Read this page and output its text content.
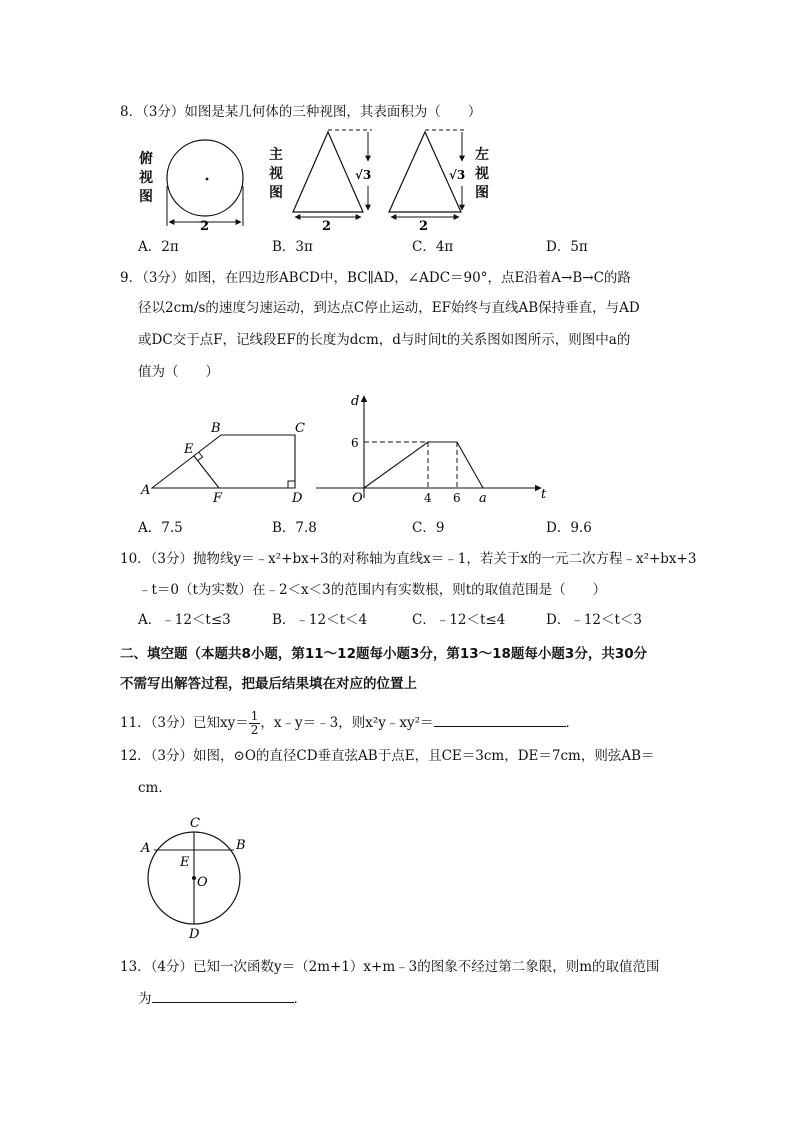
8．（3分）如图是某几何体的三种视图，其表面积为（　　）
俯
视
图
主
视
图
左
视
图
2
√3
2
√3
2
A．2π	B．3π	C．4π	D．5π
9．（3分）如图，在四边形ABCD中，BC∥AD，∠ADC＝90°，点E沿着A→B→C的路
径以2cm/s的速度匀速运动，到达点C停止运动，EF始终与直线AB保持垂直，与AD
或DC交于点F，记线段EF的长度为dcm，d与时间t的关系图如图所示，则图中a的
值为（　　）
A
B	C
D
E
F
d
t
O
6
4 6 a
A．7.5	B．7.8	C．9	D．9.6
10．（3分）抛物线y＝﹣x²+bx+3的对称轴为直线x＝﹣1，若关于x的一元二次方程﹣x²+bx+3
﹣t＝0（t为实数）在﹣2＜x＜3的范围内有实数根，则t的取值范围是（　　）
A．﹣12＜t≤3	B．﹣12＜t＜4	C．﹣12＜t≤4	D．﹣12＜t＜3
二、填空题（本题共8小题，第11～12题每小题3分，第13～18题每小题3分，共30分
不需写出解答过程，把最后结果填在对应的位置上
11．（3分）已知$xy= \frac{1}{2}$ ，x﹣y＝﹣3，则x²y﹣xy²＝	．
12．（3分）如图，⊙O的直径CD垂直弦AB于点E，且CE＝3cm，DE＝7cm，则弦AB＝
cm．
A	B
C
D
E
O
13．（4分）已知一次函数y＝（2m+1）x+m﹣3的图象不经过第二象限，则m的取值范围
为	．
